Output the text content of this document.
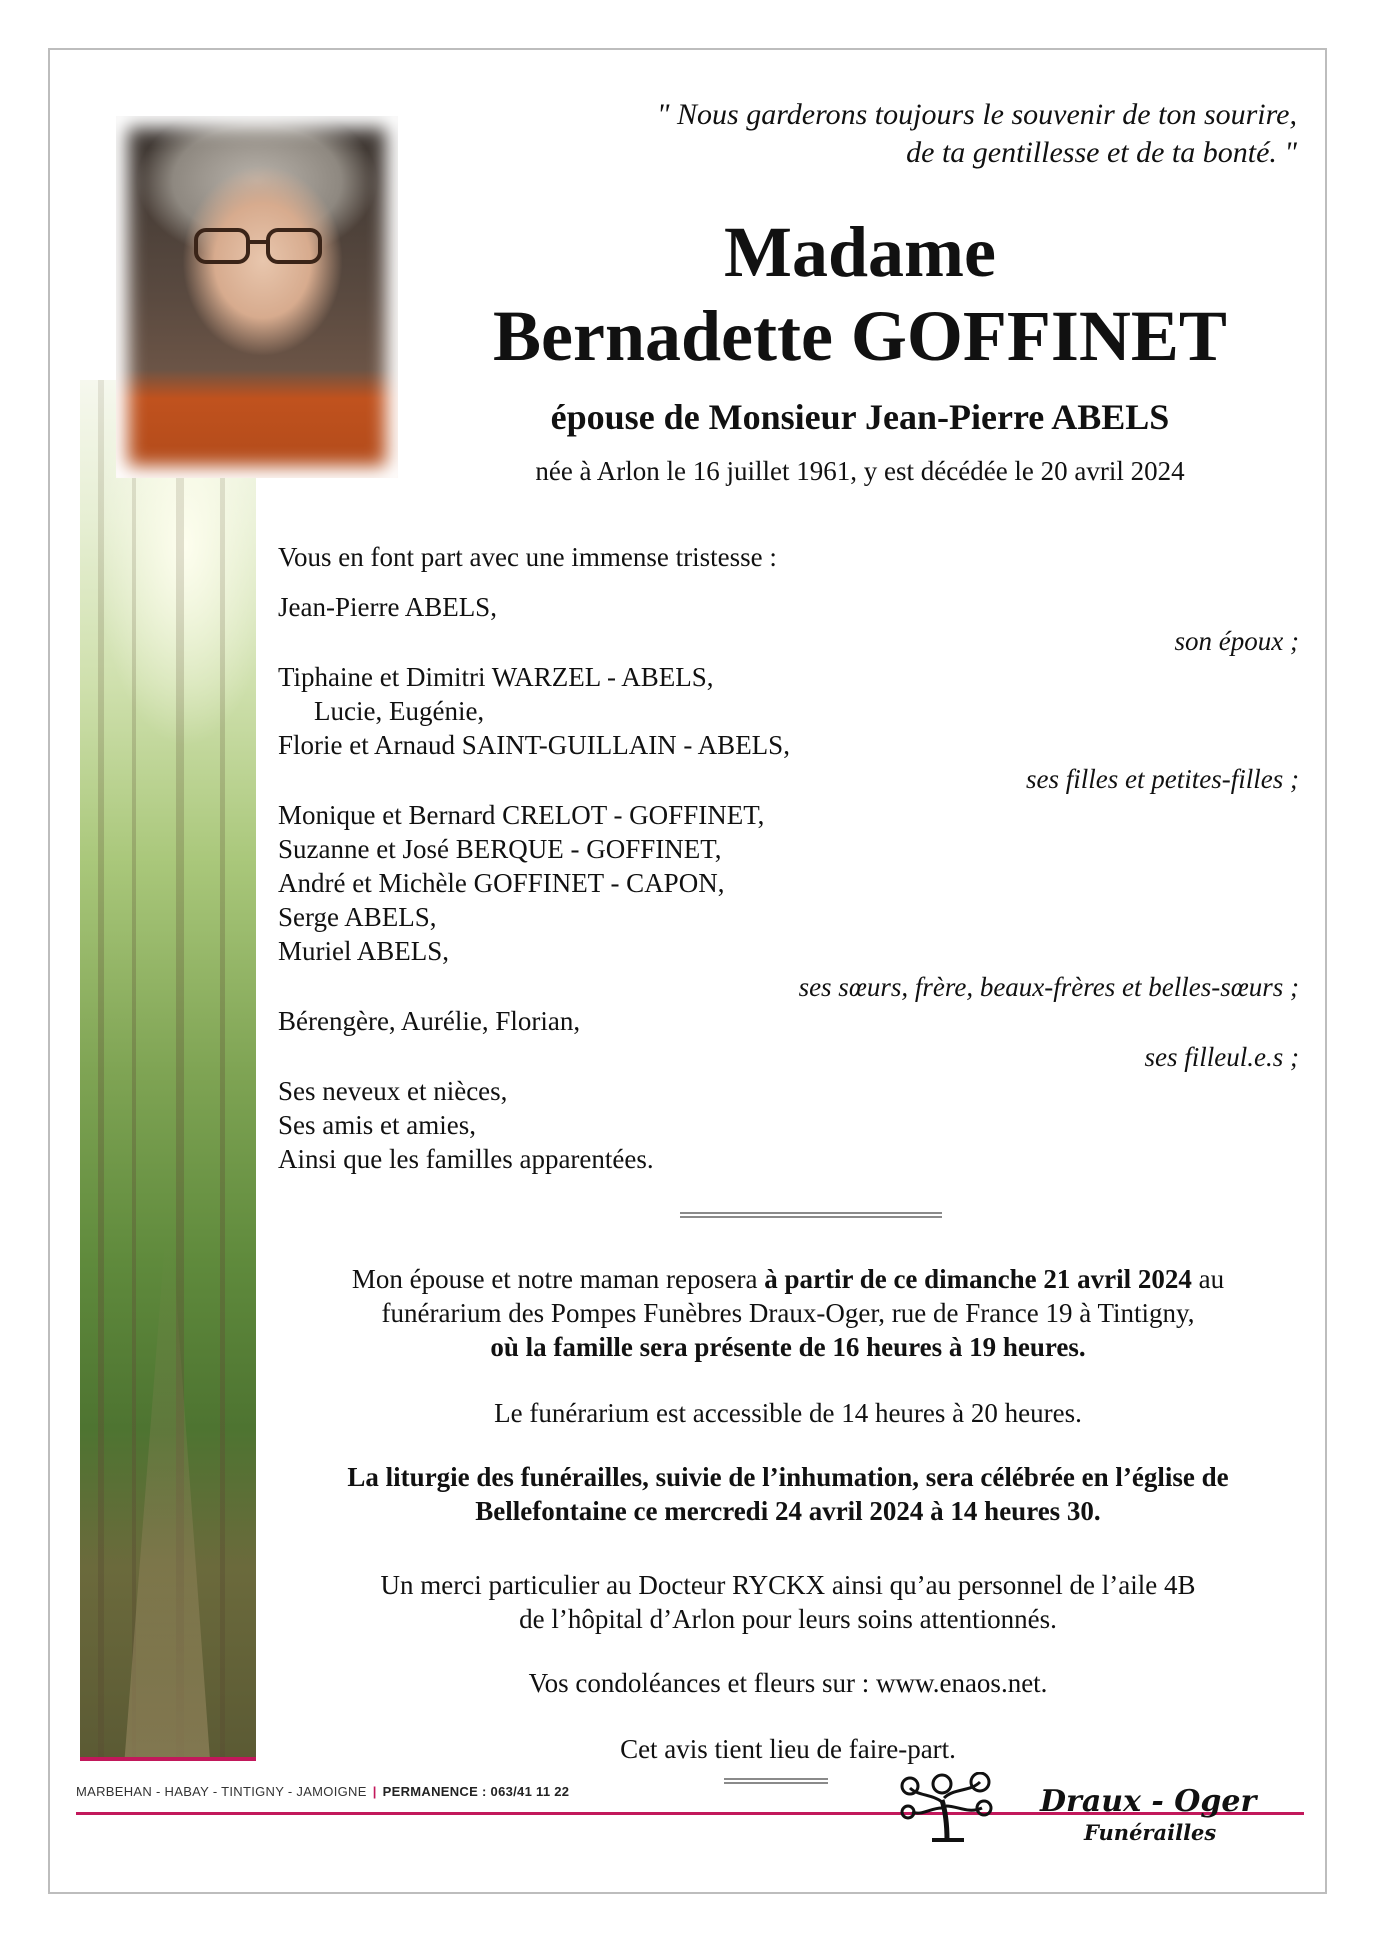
" Nous garderons toujours le souvenir de ton sourire,
de ta gentillesse et de ta bonté. "
Madame
Bernadette GOFFINET
épouse de Monsieur Jean-Pierre ABELS
née à Arlon le 16 juillet 1961, y est décédée le 20 avril 2024
Vous en font part avec une immense tristesse :
Jean-Pierre ABELS,
son époux ;
Tiphaine et Dimitri WARZEL - ABELS,
Lucie, Eugénie,
Florie et Arnaud SAINT-GUILLAIN - ABELS,
ses filles et petites-filles ;
Monique et Bernard CRELOT - GOFFINET,
Suzanne et José BERQUE - GOFFINET,
André et Michèle GOFFINET - CAPON,
Serge ABELS,
Muriel ABELS,
ses sœurs, frère, beaux-frères et belles-sœurs ;
Bérengère, Aurélie, Florian,
ses filleul.e.s ;
Ses neveux et nièces,
Ses amis et amies,
Ainsi que les familles apparentées.
Mon épouse et notre maman reposera à partir de ce dimanche 21 avril 2024 au
funérarium des Pompes Funèbres Draux-Oger, rue de France 19 à Tintigny,
où la famille sera présente de 16 heures à 19 heures.
Le funérarium est accessible de 14 heures à 20 heures.
La liturgie des funérailles, suivie de l’inhumation, sera célébrée en l’église de
Bellefontaine ce mercredi 24 avril 2024 à 14 heures 30.
Un merci particulier au Docteur RYCKX ainsi qu’au personnel de l’aile 4B
de l’hôpital d’Arlon pour leurs soins attentionnés.
Vos condoléances et fleurs sur : www.enaos.net.
Cet avis tient lieu de faire-part.
MARBEHAN - HABAY - TINTIGNY - JAMOIGNE | PERMANENCE : 063/41 11 22	Draux - Oger
Funérailles
